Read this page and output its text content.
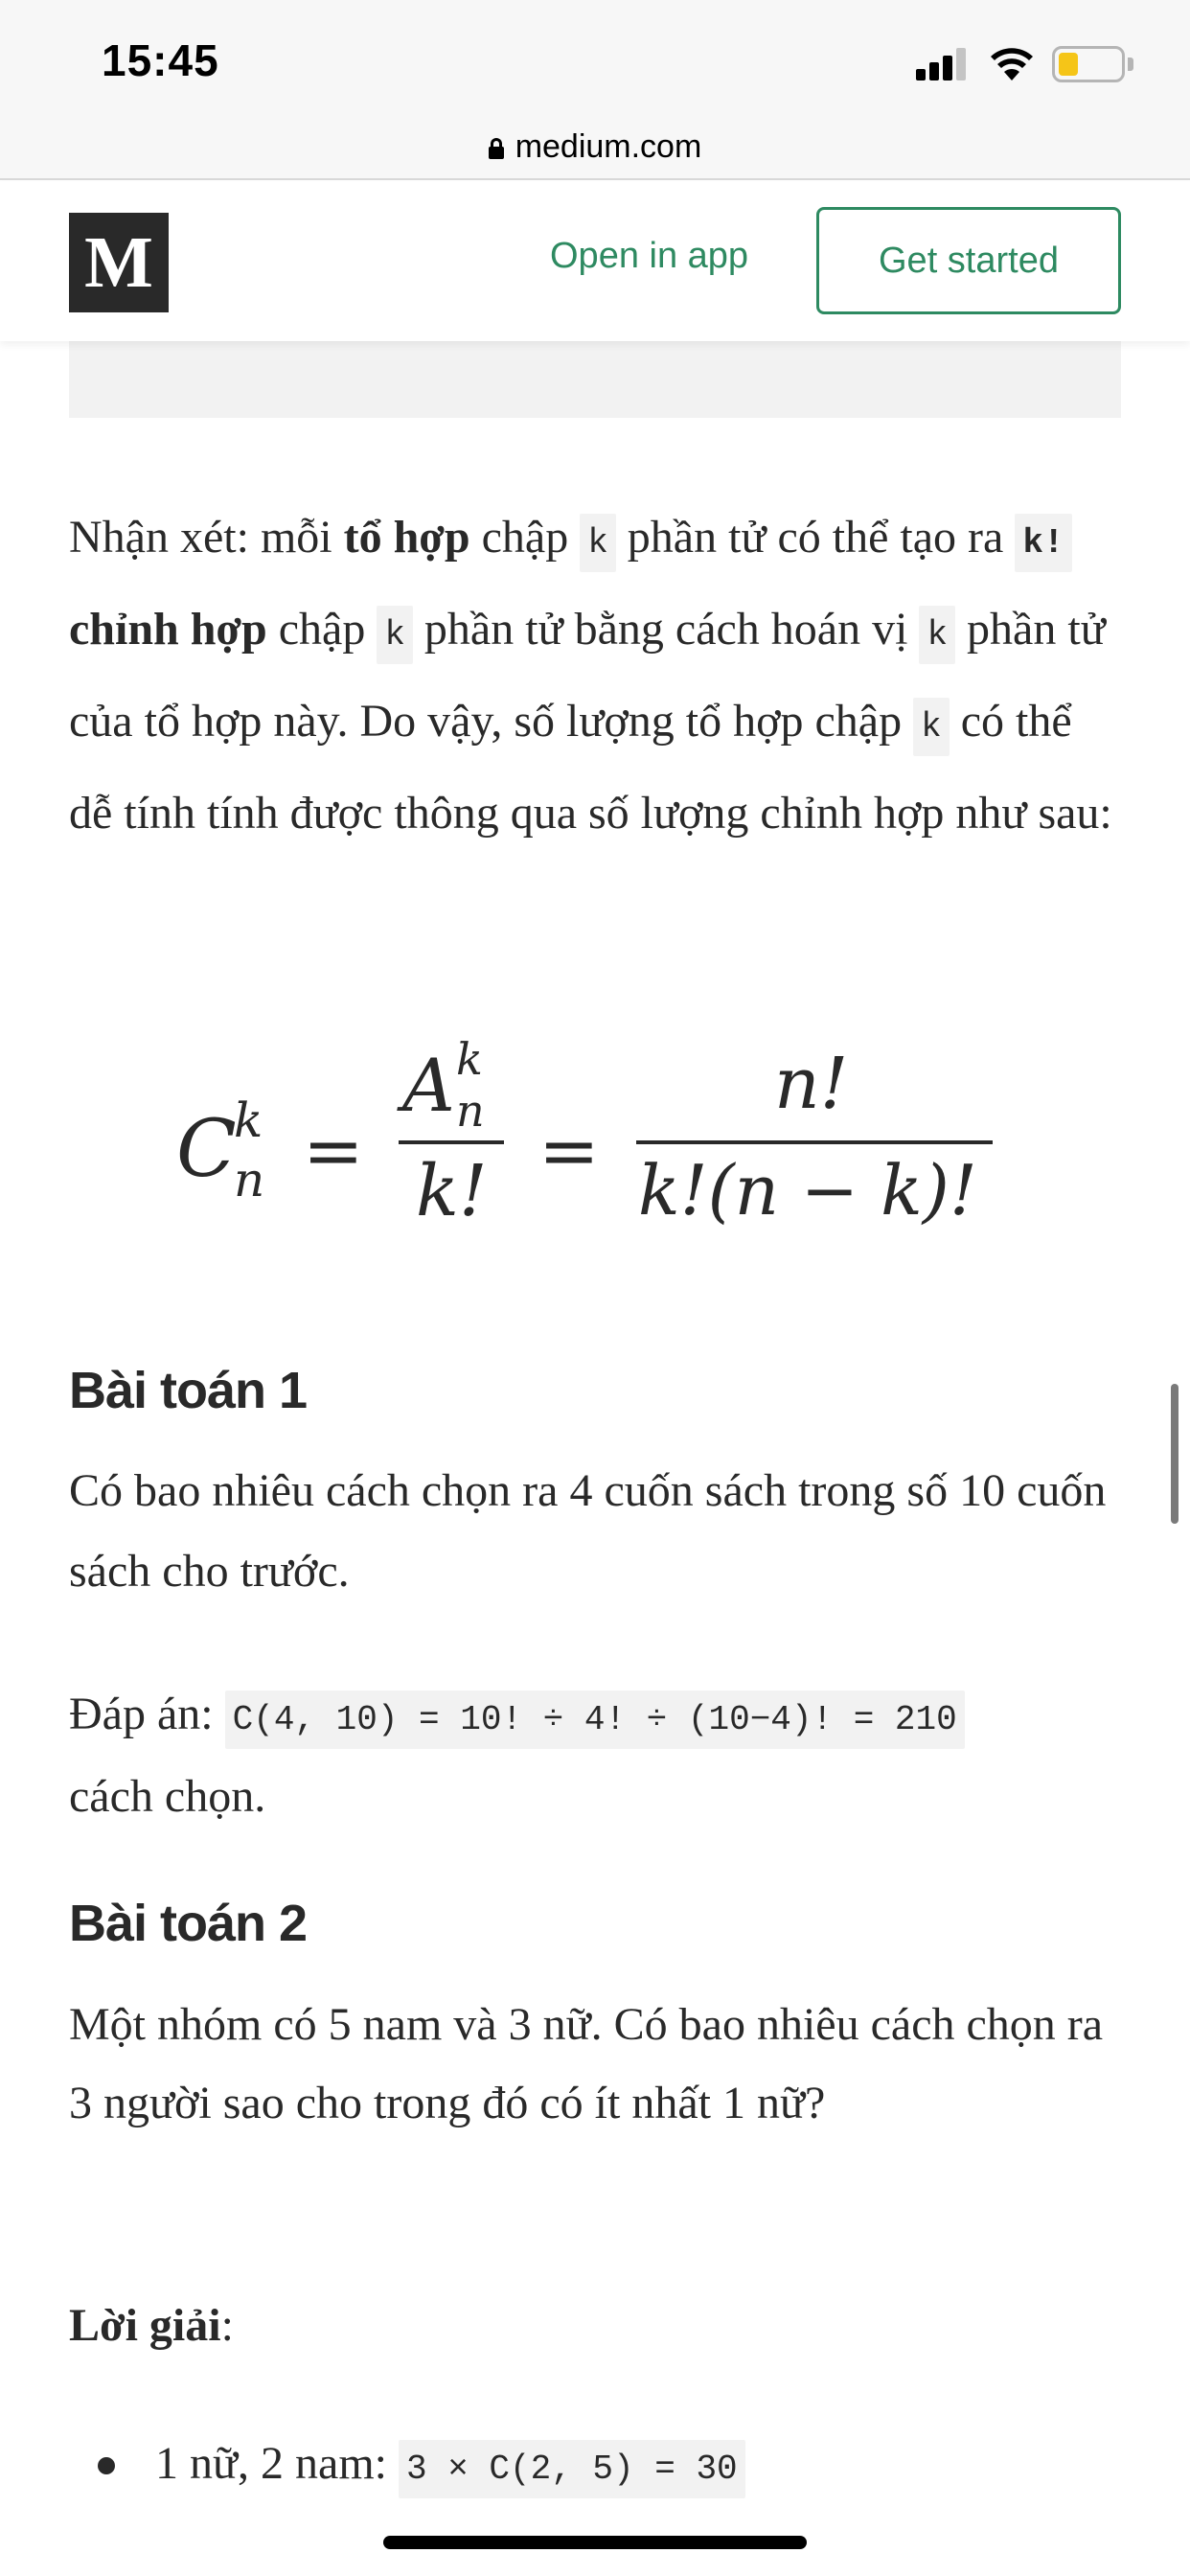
15:45
medium.com
M	Open in app	Get started
Nhận xét: mỗi tổ hợp chập k phần tử có thể tạo ra k! chỉnh hợp chập k phần tử bằng cách hoán vị k phần tử của tổ hợp này. Do vậy, số lượng tổ hợp chập k có thể dễ tính tính được thông qua số lượng chỉnh hợp như sau:
C
k
n =
A k
n
k! =
n!
k!(n − k)!
Bài toán 1
Có bao nhiêu cách chọn ra 4 cuốn sách trong số 10 cuốn sách cho trước.
Đáp án: C(4, 10) = 10! ÷ 4! ÷ (10−4)! = 210
cách chọn.
Bài toán 2
Một nhóm có 5 nam và 3 nữ. Có bao nhiêu cách chọn ra 3 người sao cho trong đó có ít nhất 1 nữ?
Lời giải:
1 nữ, 2 nam: 3 × C(2, 5) = 30
